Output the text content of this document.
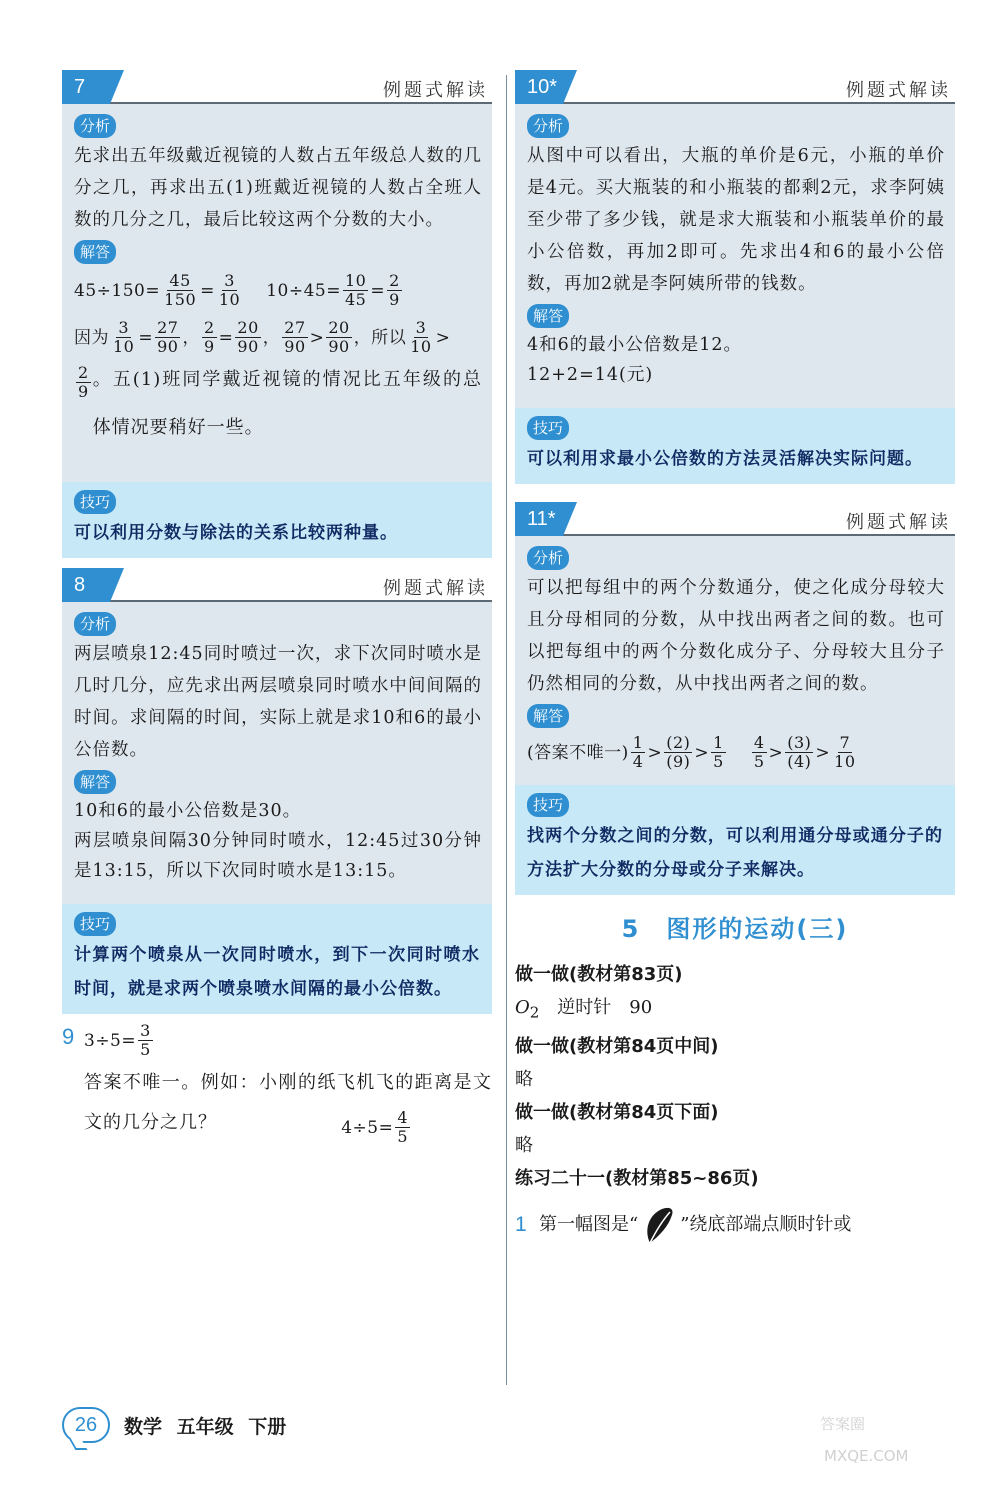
7	例题式解读
分析

先求出五年级戴近视镜的人数占五年级总人数的几分之几，再求出五(1)班戴近视镜的人数占全班人数的几分之几，最后比较这两个分数的大小。

解答
$45\div 150 = \frac{45}{150} = \frac{3}{10} 10\div 45 = \frac{10}{45} = \frac{2}{9}$
因为 $\frac{3}{10} = \frac{27}{90}$ ， $\frac{2}{9} = \frac{20}{90}$ ， $\frac{27}{90} > \frac{20}{90}$ ，所以 $\frac{3}{10}$ >
$\frac{2}{9}$ 。五(1)班同学戴近视镜的情况比五年级的总体情况要稍好一些。
技巧

可以利用分数与除法的关系比较两种量。

8	例题式解读
分析

两层喷泉12:45同时喷过一次，求下次同时喷水是几时几分，应先求出两层喷泉同时喷水中间间隔的时间。求间隔的时间，实际上就是求10和6的最小公倍数。

解答

10和6的最小公倍数是30。

两层喷泉间隔30分钟同时喷水，12:45过30分钟是13:15，所以下次同时喷水是13:15。

技巧

计算两个喷泉从一次同时喷水，到下一次同时喷水时间，就是求两个喷泉喷水间隔的最小公倍数。

9 $3\div 5= \frac{3}{5}$

答案不唯一。例如：小刚的纸飞机飞的距离是文文的几分之几？	$4\div 5= \frac{4}{5}$
10*	例题式解读
分析

从图中可以看出，大瓶的单价是6元，小瓶的单价是4元。买大瓶装的和小瓶装的都剩2元，求李阿姨至少带了多少钱，就是求大瓶装和小瓶装单价的最小公倍数，再加2即可。先求出4和6的最小公倍数，再加2就是李阿姨所带的钱数。

解答

4和6的最小公倍数是12。

12+2=14(元)

技巧

可以利用求最小公倍数的方法灵活解决实际问题。

11*	例题式解读
分析

可以把每组中的两个分数通分，使之化成分母较大且分母相同的分数，从中找出两者之间的数。也可以把每组中的两个分数化成分子、分母较大且分子仍然相同的分数，从中找出两者之间的数。

解答
(答案不唯一) $\frac{1}{4} > \frac{(2)}{(9)} > \frac{1}{5} \frac{4}{5} > \frac{(3)}{(4)} > \frac{7}{10}$
技巧

找两个分数之间的分数，可以利用通分母或通分子的方法扩大分数的分母或分子来解决。

5 图形的运动(三)
做一做(教材第83页)
$O_2$　逆时针　90
做一做(教材第84页中间)
略
做一做(教材第84页下面)
略
练习二十一(教材第85~86页)
1 第一幅图是“ ”绕底部端点顺时针或
26	数学 五年级 下册	答案圈
MXQE.COM
